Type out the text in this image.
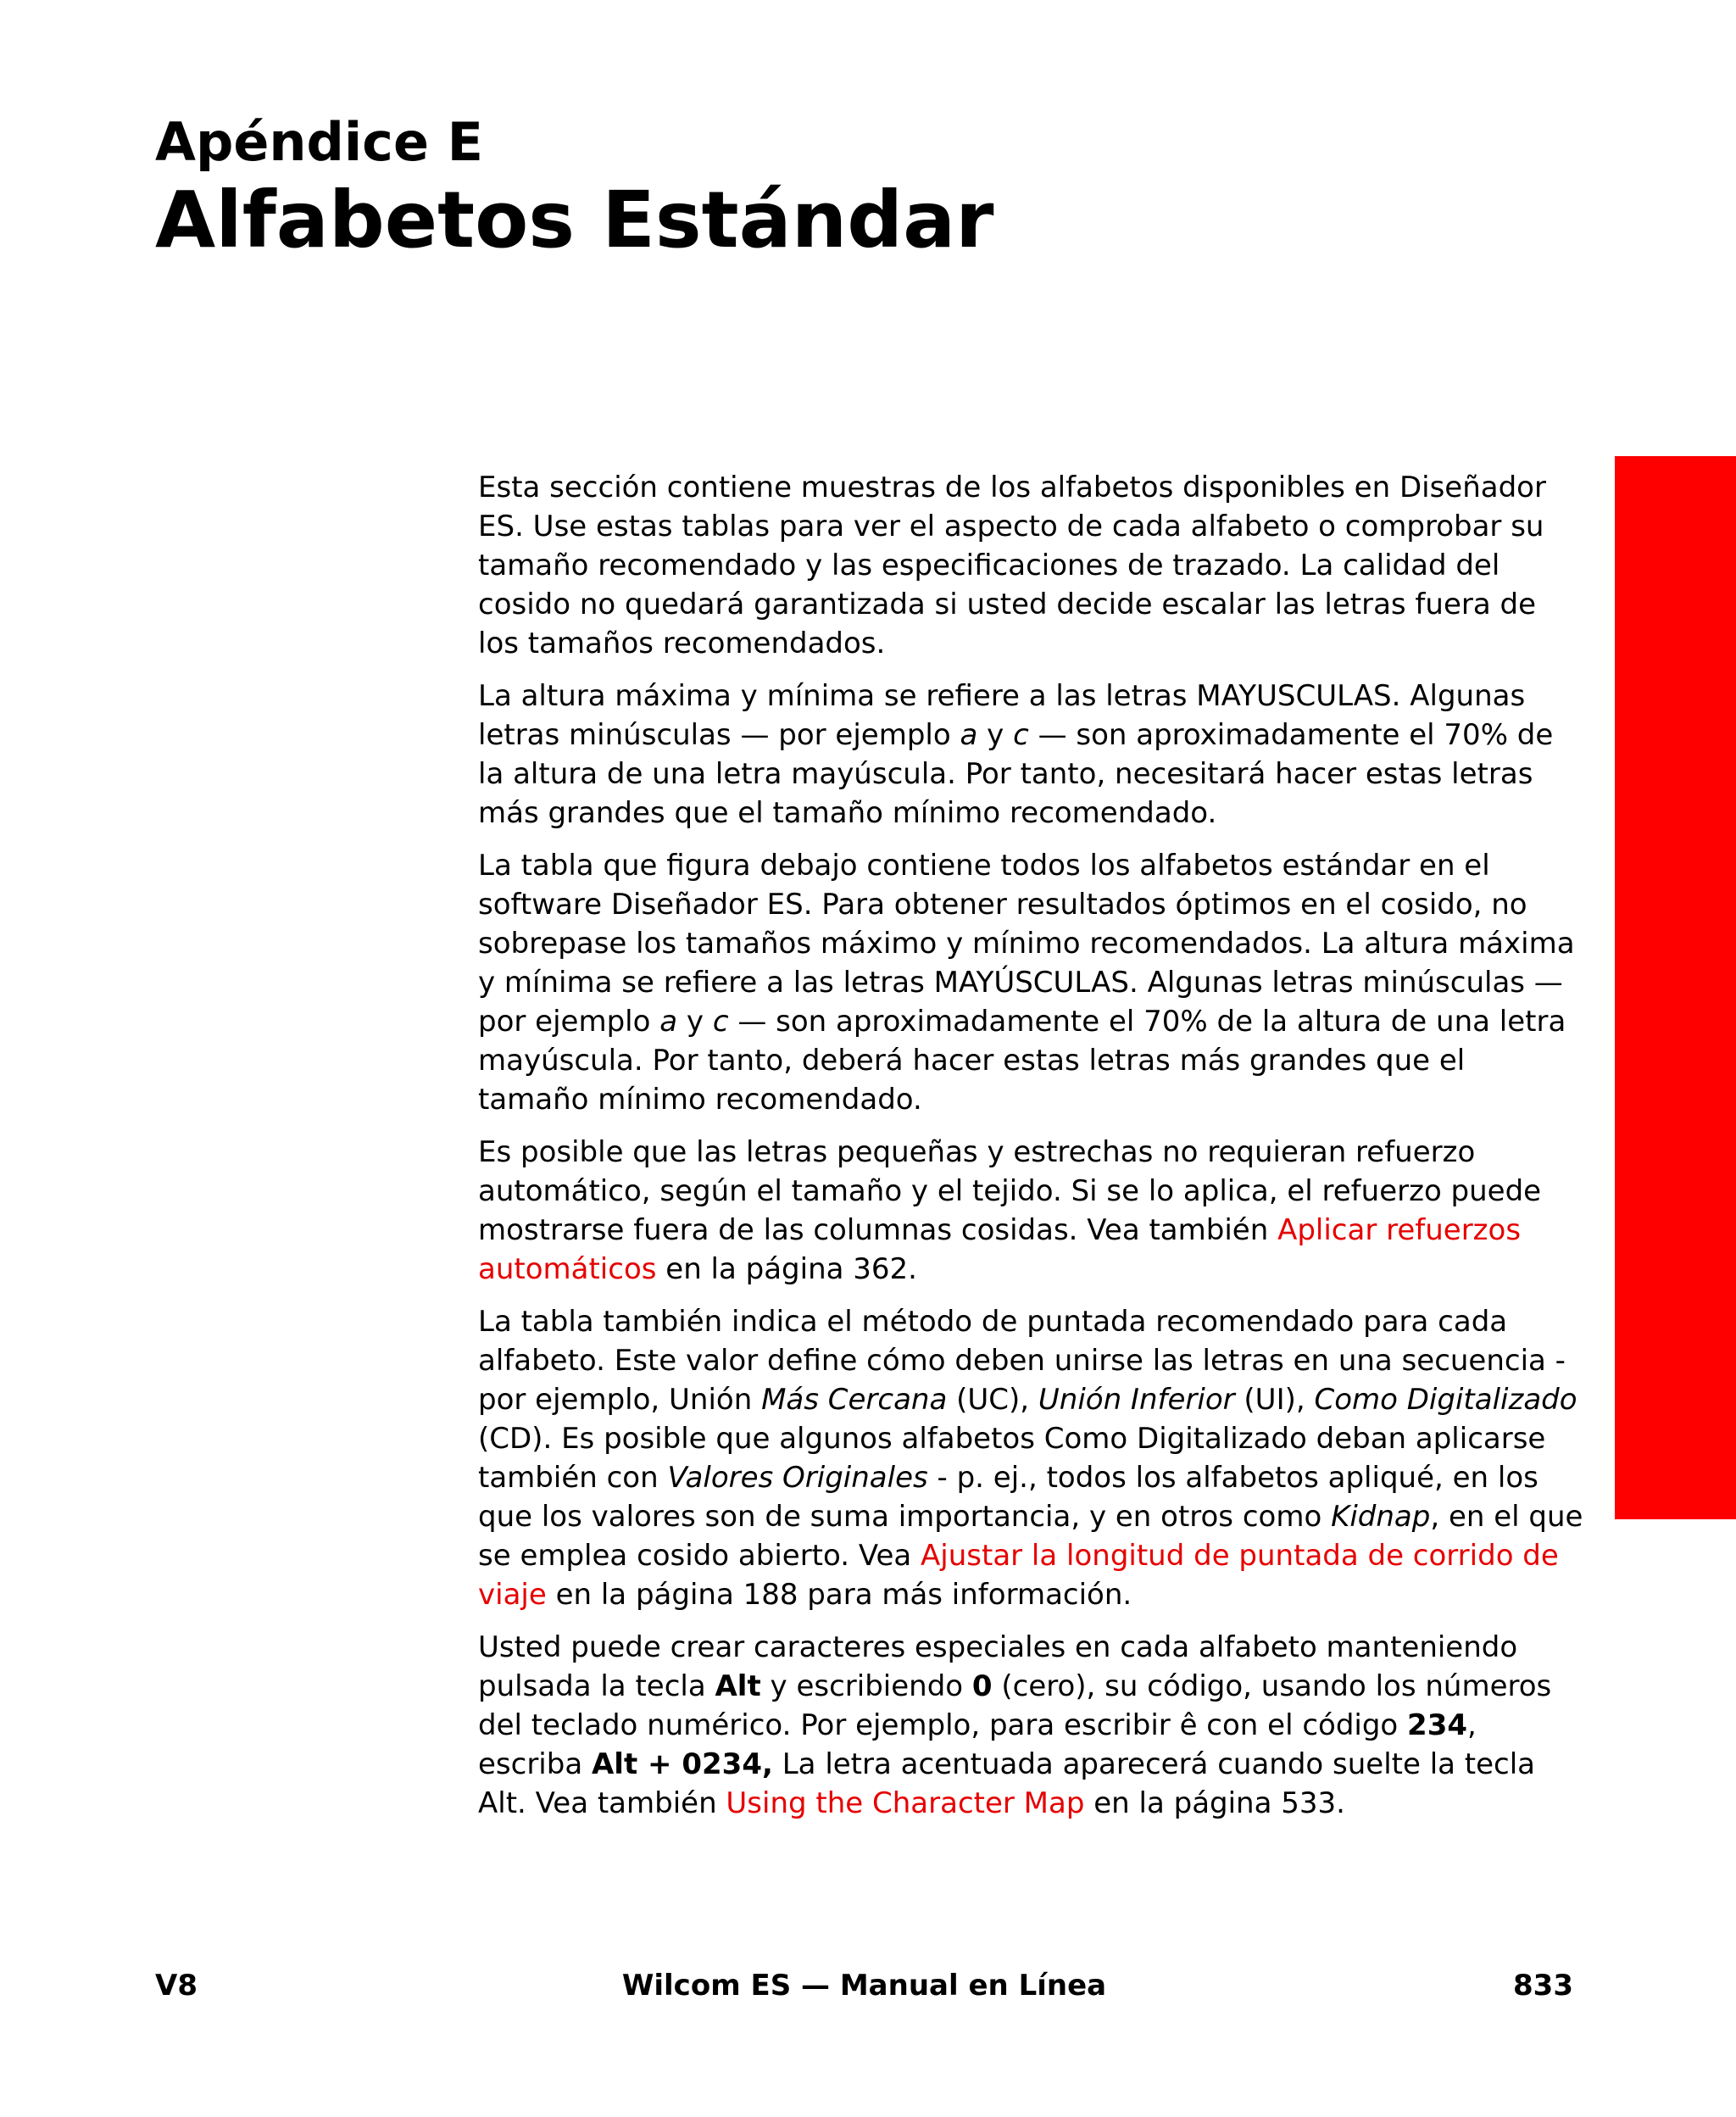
Apéndice E
Alfabetos Estándar

Esta sección contiene muestras de los alfabetos disponibles en Diseñador ES. Use estas tablas para ver el aspecto de cada alfabeto o comprobar su tamaño recomendado y las especificaciones de trazado. La calidad del cosido no quedará garantizada si usted decide escalar las letras fuera de los tamaños recomendados.

La altura máxima y mínima se refiere a las letras MAYUSCULAS. Algunas letras minúsculas — por ejemplo a y c — son aproximadamente el 70% de la altura de una letra mayúscula. Por tanto, necesitará hacer estas letras más grandes que el tamaño mínimo recomendado.

La tabla que figura debajo contiene todos los alfabetos estándar en el software Diseñador ES. Para obtener resultados óptimos en el cosido, no sobrepase los tamaños máximo y mínimo recomendados. La altura máxima y mínima se refiere a las letras MAYÚSCULAS. Algunas letras minúsculas — por ejemplo a y c — son aproximadamente el 70% de la altura de una letra mayúscula. Por tanto, deberá hacer estas letras más grandes que el tamaño mínimo recomendado.

Es posible que las letras pequeñas y estrechas no requieran refuerzo automático, según el tamaño y el tejido. Si se lo aplica, el refuerzo puede mostrarse fuera de las columnas cosidas. Vea también Aplicar refuerzos automáticos en la página 362.

La tabla también indica el método de puntada recomendado para cada alfabeto. Este valor define cómo deben unirse las letras en una secuencia - por ejemplo, Unión Más Cercana (UC), Unión Inferior (UI), Como Digitalizado (CD). Es posible que algunos alfabetos Como Digitalizado deban aplicarse también con Valores Originales - p. ej., todos los alfabetos apliqué, en los que los valores son de suma importancia, y en otros como Kidnap, en el que se emplea cosido abierto. Vea Ajustar la longitud de puntada de corrido de viaje en la página 188 para más información.

Usted puede crear caracteres especiales en cada alfabeto manteniendo pulsada la tecla Alt y escribiendo 0 (cero), su código, usando los números del teclado numérico. Por ejemplo, para escribir ê con el código 234, escriba Alt + 0234, La letra acentuada aparecerá cuando suelte la tecla Alt. Vea también Using the Character Map en la página 533.

V8	Wilcom ES — Manual en Línea	833
